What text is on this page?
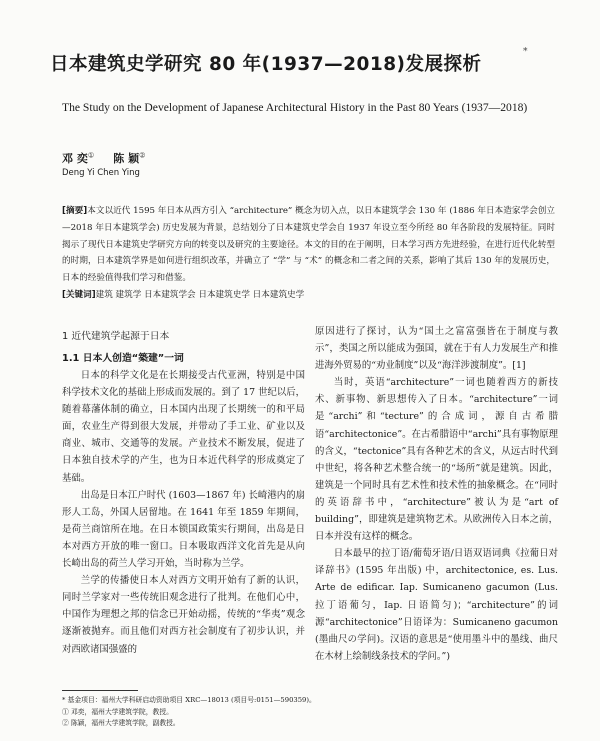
日本建筑史学研究 80 年(1937—2018)发展探析
*
The Study on the Development of Japanese Architectural History in the Past 80 Years (1937—2018)
邓 奕① 陈 颖②
Deng Yi Chen Ying
[摘要]本文以近代 1595 年日本从西方引入 “architecture” 概念为切入点，以日本建筑学会 130 年 (1886 年日本造家学会创立—2018 年日本建筑学会) 历史发展为背景，总结划分了日本建筑史学会自 1937 年设立至今所经 80 年各阶段的发展特征。同时揭示了现代日本建筑史学研究方向的转变以及研究的主要途径。本文的目的在于阐明，日本学习西方先进经验，在进行近代化转型的时期，日本建筑学界是如何进行组织改革，并确立了 “学” 与 “术” 的概念和二者之间的关系，影响了其后 130 年的发展历史，日本的经验值得我们学习和借鉴。
[关键词]建筑 建筑学 日本建筑学会 日本建筑史学 日本建筑史学
1 近代建筑学起源于日本
1.1 日本人创造“築建”一词

日本的科学文化是在长期接受古代亚洲，特别是中国科学技术文化的基础上形成而发展的。到了 17 世纪以后，随着幕藩体制的确立，日本国内出现了长期统一的和平局面，农业生产得到很大发展，并带动了手工业、矿业以及商业、城市、交通等的发展。产业技术不断发展，促进了日本独自技术学的产生，也为日本近代科学的形成奠定了基础。

出岛是日本江户时代 (1603—1867 年) 长崎港内的扇形人工岛，外国人居留地。在 1641 年至 1859 年期间，是荷兰商馆所在地。在日本锁国政策实行期间，出岛是日本对西方开放的唯一窗口。日本吸取西洋文化首先是从向长崎出岛的荷兰人学习开始，当时称为兰学。

兰学的传播使日本人对西方文明开始有了新的认识，同时兰学家对一些传统旧观念进行了批判。在他们心中，中国作为理想之邦的信念已开始动摇，传统的“华夷”观念逐渐被抛弃。而且他们对西方社会制度有了初步认识，并对西欧诸国强盛的

原因进行了探讨，认为“国土之富富强皆在于制度与教示”，类国之所以能成为强国，就在于有人力发展生产和推进海外贸易的“劝业制度”以及“海洋涉渡制度”。[1]

当时，英语“architecture”一词也随着西方的新技术、新事物、新思想传入了日本。“architecture”一词是“archi”和“tecture”的合成词，源自古希腊语“architectonice”。在古希腊语中“archi”具有事物原理的含义，“tectonice”具有各种艺术的含义，从远古时代到中世纪，将各种艺术整合统一的“场所”就是建筑。因此，建筑是一个同时具有艺术性和技术性的抽象概念。在“同时的英语辞书中，“architecture”被认为是“art of building”，即建筑是建筑物艺术。从欧洲传入日本之前，日本并没有这样的概念。

日本最早的拉丁语/葡萄牙语/日语双语词典《拉葡日对译辞书》(1595 年出版) 中，architectonice, es. Lus. Arte de edificar. Iap. Sumicaneno gacumon (Lus. 拉丁语葡匀，Iap. 日语简匀)；“architecture”的词源“architectonice”日语译为：Sumicaneno gacumon (墨曲尺の学问)。汉语的意思是“使用墨斗中的墨线、曲尺在木材上绘制线条技术的学问。”)

* 基金项目：福州大学科研启动资助项目 XRC—18013 (项目号:0151—590359)。
① 邓奕，福州大学建筑学院，教授。
② 陈颖，福州大学建筑学院，副教授。
